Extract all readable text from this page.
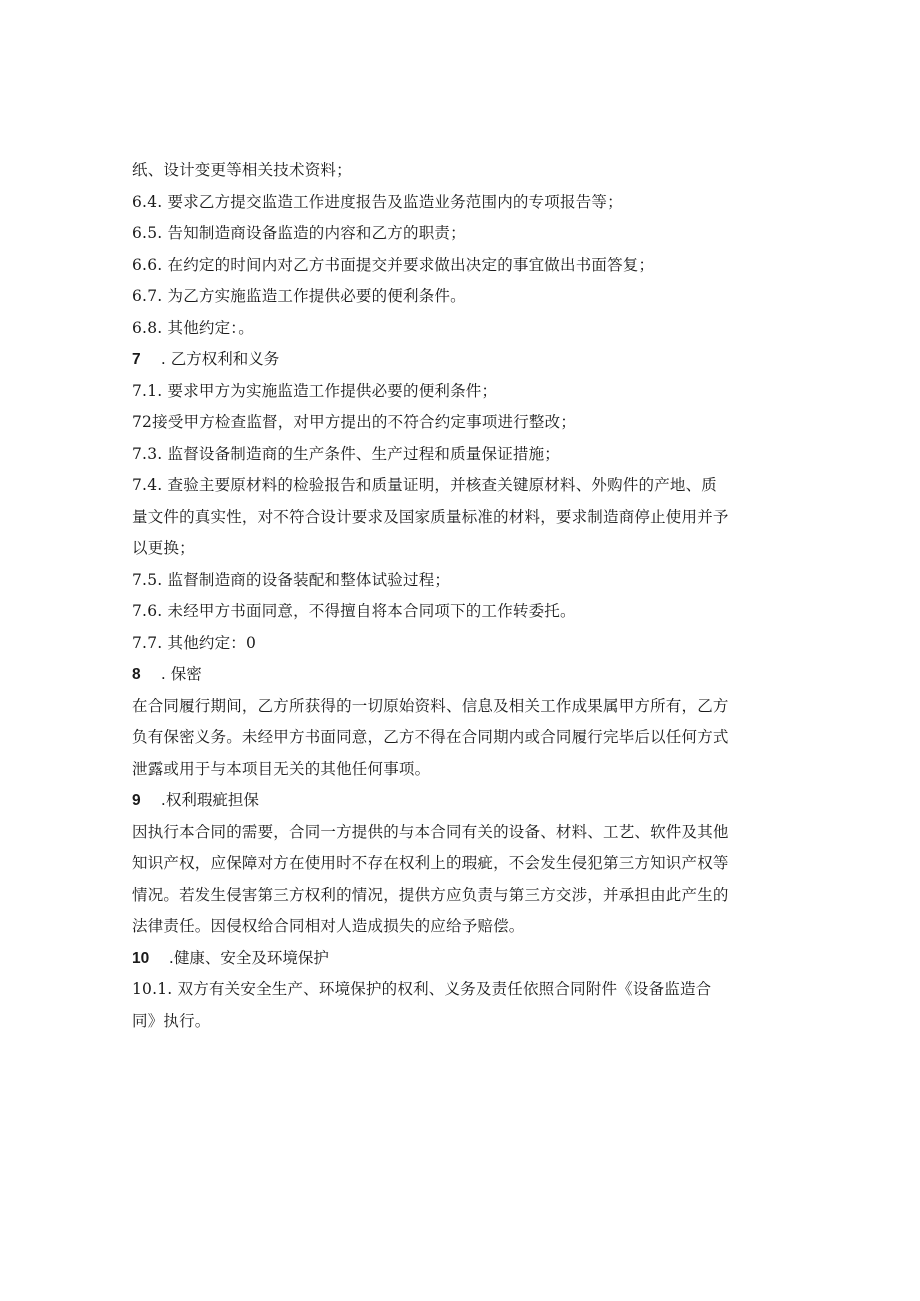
纸、设计变更等相关技术资料；
6.4. 要求乙方提交监造工作进度报告及监造业务范围内的专项报告等；
6.5. 告知制造商设备监造的内容和乙方的职责；
6.6. 在约定的时间内对乙方书面提交并要求做出决定的事宜做出书面答复；
6.7. 为乙方实施监造工作提供必要的便利条件。
6.8. 其他约定：。
7 . 乙方权利和义务
7.1. 要求甲方为实施监造工作提供必要的便利条件；
72接受甲方检查监督，对甲方提出的不符合约定事项进行整改；
7.3. 监督设备制造商的生产条件、生产过程和质量保证措施；
7.4. 查验主要原材料的检验报告和质量证明，并核查关键原材料、外购件的产地、质
量文件的真实性，对不符合设计要求及国家质量标准的材料，要求制造商停止使用并予
以更换；
7.5. 监督制造商的设备装配和整体试验过程；
7.6. 未经甲方书面同意，不得擅自将本合同项下的工作转委托。
7.7. 其他约定：0
8 . 保密
在合同履行期间，乙方所获得的一切原始资料、信息及相关工作成果属甲方所有，乙方
负有保密义务。未经甲方书面同意，乙方不得在合同期内或合同履行完毕后以任何方式
泄露或用于与本项目无关的其他任何事项。
9 .权利瑕疵担保
因执行本合同的需要，合同一方提供的与本合同有关的设备、材料、工艺、软件及其他
知识产权，应保障对方在使用时不存在权利上的瑕疵，不会发生侵犯第三方知识产权等
情况。若发生侵害第三方权利的情况，提供方应负责与第三方交涉，并承担由此产生的
法律责任。因侵权给合同相对人造成损失的应给予赔偿。
10 .健康、安全及环境保护
10.1. 双方有关安全生产、环境保护的权利、义务及责任依照合同附件《设备监造合
同》执行。
